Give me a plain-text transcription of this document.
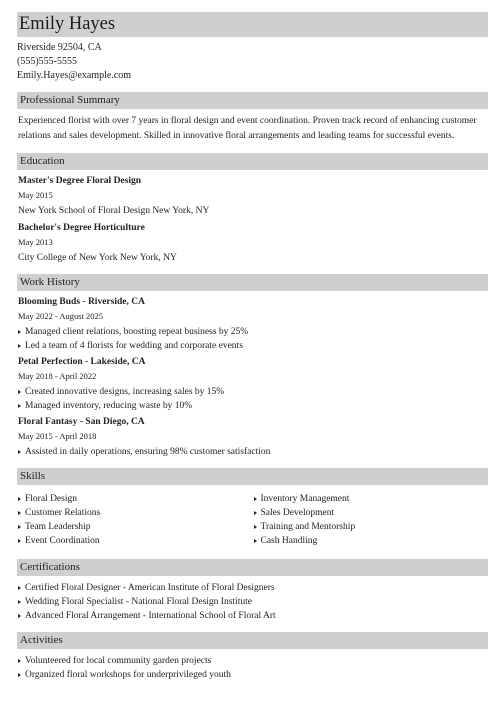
Emily Hayes
Riverside 92504, CA
(555)555-5555
Emily.Hayes@example.com
Professional Summary
Experienced florist with over 7 years in floral design and event coordination. Proven track record of enhancing customer relations and sales development. Skilled in innovative floral arrangements and leading teams for successful events.
Education
Master's Degree Floral Design
May 2015
New York School of Floral Design New York, NY
Bachelor's Degree Horticulture
May 2013
City College of New York New York, NY
Work History
Blooming Buds - Riverside, CA
May 2022 - August 2025
Managed client relations, boosting repeat business by 25%
Led a team of 4 florists for wedding and corporate events
Petal Perfection - Lakeside, CA
May 2018 - April 2022
Created innovative designs, increasing sales by 15%
Managed inventory, reducing waste by 10%
Floral Fantasy - San Diego, CA
May 2015 - April 2018
Assisted in daily operations, ensuring 98% customer satisfaction
Skills
Floral Design
Customer Relations
Team Leadership
Event Coordination
Inventory Management
Sales Development
Training and Mentorship
Cash Handling
Certifications
Certified Floral Designer - American Institute of Floral Designers
Wedding Floral Specialist - National Floral Design Institute
Advanced Floral Arrangement - International School of Floral Art
Activities
Volunteered for local community garden projects
Organized floral workshops for underprivileged youth
